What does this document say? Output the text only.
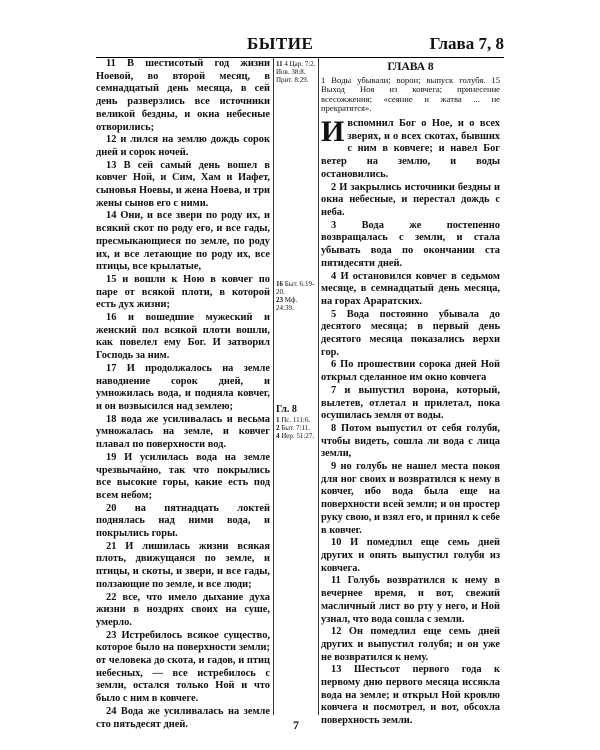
БЫТИЕ	Глава 7, 8

11 В шестисотый год жизни Ноевой, во второй месяц, в семнадцатый день месяца, в сей день разверзлись все источники великой бездны, и окна небесные отворились;

12 и лился на землю дождь сорок дней и сорок ночей.

13 В сей самый день вошел в ковчег Ной, и Сим, Хам и Иафет, сыновья Ноевы, и жена Ноева, и три жены сынов его с ними.

14 Они, и все звери по роду их, и всякий скот по роду его, и все гады, пресмыкающиеся по земле, по роду их, и все летающие по роду их, все птицы, все крылатые,

15 и вошли к Ною в ковчег по паре от всякой плоти, в которой есть дух жизни;

16 и вошедшие мужеский и женский пол всякой плоти вошли, как повелел ему Бог. И затворил Господь за ним.

17 И продолжалось на земле наводнение сорок дней, и умножилась вода, и подняла ковчег, и он возвысился над землею;

18 вода же усиливалась и весьма умножалась на земле, и ковчег плавал по поверхности вод.

19 И усилилась вода на земле чрезвычайно, так что покрылись все высокие горы, какие есть под всем небом;

20 на пятнадцать локтей поднялась над ними вода, и покрылись горы.

21 И лишилась жизни всякая плоть, движущаяся по земле, и птицы, и скоты, и звери, и все гады, ползающие по земле, и все люди;

22 все, что имело дыхание духа жизни в ноздрях своих на суше, умерло.

23 Истребилось всякое существо, которое было на поверхности земли; от человека до скота, и гадов, и птиц небесных, — все истребилось с земли, остался только Ной и что было с ним в ковчеге.

24 Вода же усиливалась на земле сто пятьдесят дней.

11 4 Цар. 7:2. Иов. 38:8. Прит. 8:29.
16 Быт. 6:19-20.
23 Мф. 24:39.
Гл. 8
1 Пс. 111:6.
2 Быт. 7:11.
4 Иер. 51:27.
ГЛАВА 8
1 Воды убывали; ворон; выпуск голубя. 15 Выход Ноя из ковчега; принесение всесожжения; «сеяние и жатва ... не прекратятся».

Ивспомнил Бог о Ное, и о всех зверях, и о всех скотах, бывших с ним в ковчеге; и навел Бог ветер на землю, и воды остановились.

2 И закрылись источники бездны и окна небесные, и перестал дождь с неба.

3 Вода же постепенно возвращалась с земли, и стала убывать вода по окончании ста пятидесяти дней.

4 И остановился ковчег в седьмом месяце, в семнадцатый день месяца, на горах Араратских.

5 Вода постоянно убывала до десятого месяца; в первый день десятого месяца показались верхи гор.

6 По прошествии сорока дней Ной открыл сделанное им окно ковчега

7 и выпустил ворона, который, вылетев, отлетал и прилетал, пока осушилась земля от воды.

8 Потом выпустил от себя голубя, чтобы видеть, сошла ли вода с лица земли,

9 но голубь не нашел места покоя для ног своих и возвратился к нему в ковчег, ибо вода была еще на поверхности всей земли; и он простер руку свою, и взял его, и принял к себе в ковчег.

10 И помедлил еще семь дней других и опять выпустил голубя из ковчега.

11 Голубь возвратился к нему в вечернее время, и вот, свежий масличный лист во рту у него, и Ной узнал, что вода сошла с земли.

12 Он помедлил еще семь дней других и выпустил голубя; и он уже не возвратился к нему.

13 Шестьсот первого года к первому дню первого месяца иссякла вода на земле; и открыл Ной кровлю ковчега и посмотрел, и вот, обсохла поверхность земли.

7
